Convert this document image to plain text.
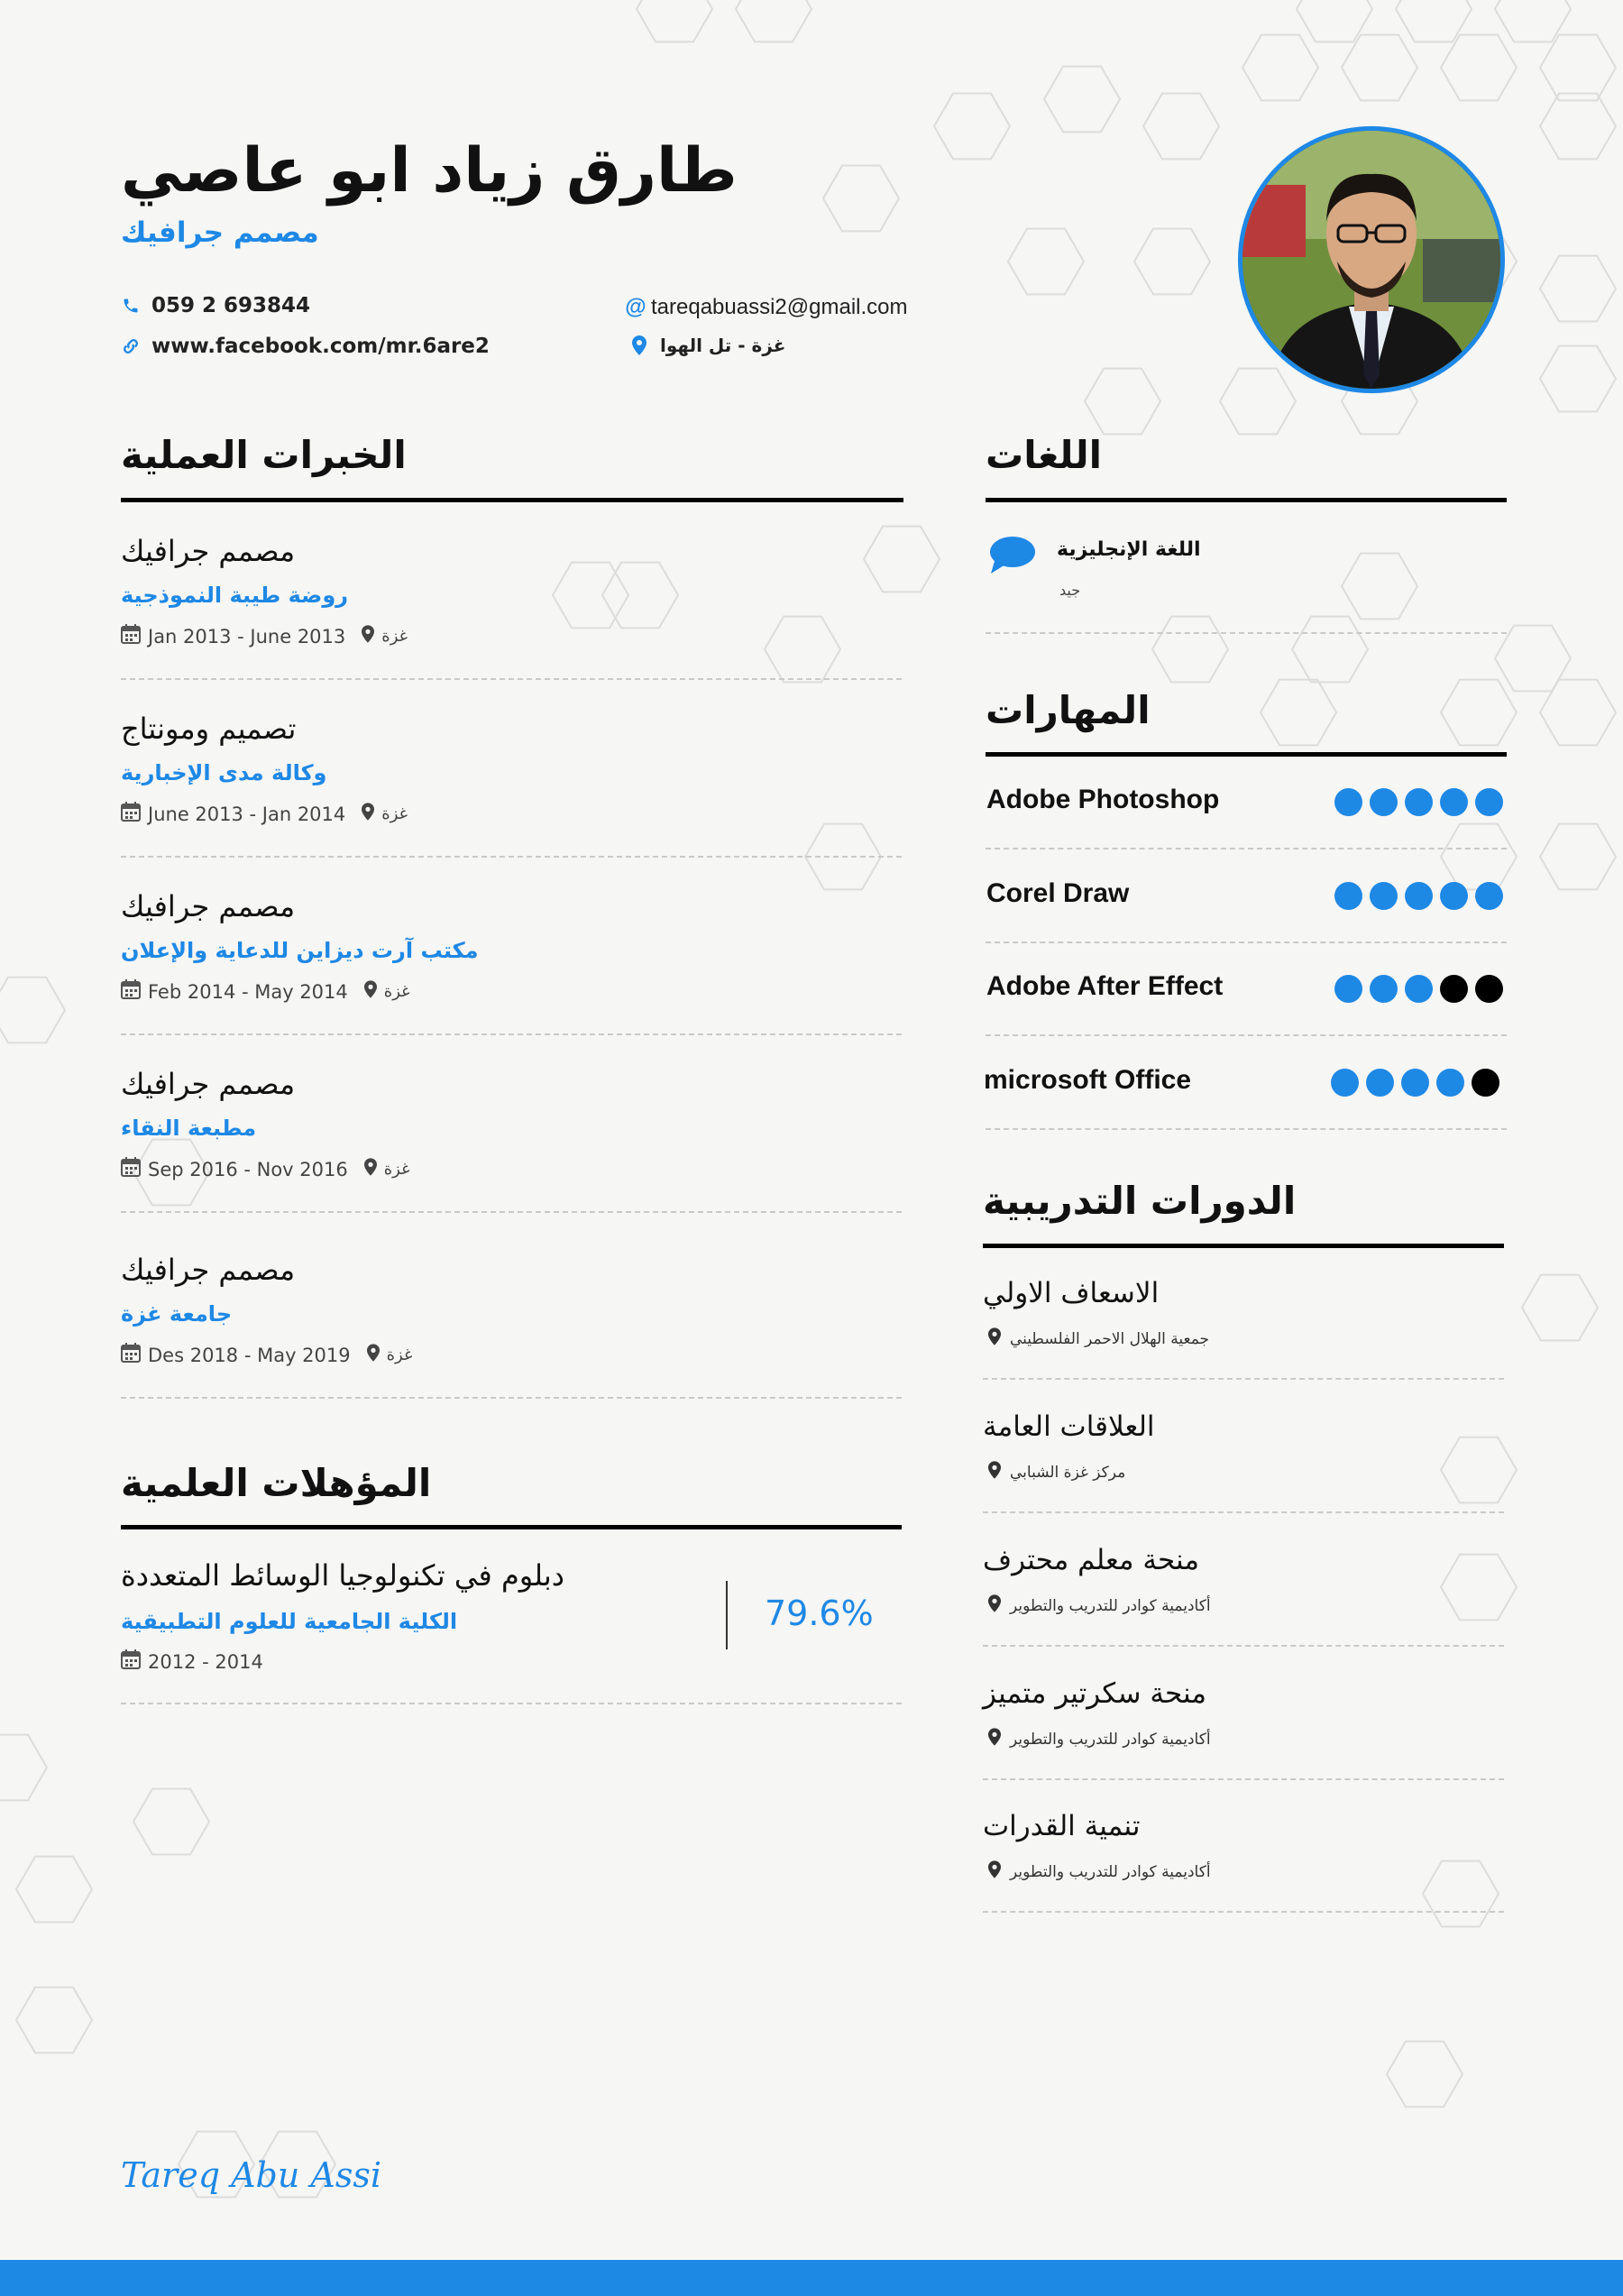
طارق زياد ابو عاصي
مصمم جرافيك
059 2 693844
www.facebook.com/mr.6are2
@ tareqabuassi2@gmail.com
غزة - تل الهوا
الخبرات العملية
مصمم جرافيك
روضة طيبة النموذجية
Jan 2013 - June 2013 غزة
تصميم ومونتاج
وكالة مدى الإخبارية
June 2013 - Jan 2014 غزة
مصمم جرافيك
مكتب آرت ديزاين للدعاية والإعلان
Feb 2014 - May 2014 غزة
مصمم جرافيك
مطبعة النقاء
Sep 2016 - Nov 2016 غزة
مصمم جرافيك
جامعة غزة
Des 2018 - May 2019 غزة
المؤهلات العلمية
دبلوم في تكنولوجيا الوسائط المتعددة
الكلية الجامعية للعلوم التطبيقية
2012 - 2014
79.6%
اللغات
اللغة الإنجليزية
جيد
المهارات
Adobe Photoshop
Corel Draw
Adobe After Effect
microsoft Office
الدورات التدريبية
الاسعاف الاولي
جمعية الهلال الاحمر الفلسطيني
العلاقات العامة
مركز غزة الشبابي
منحة معلم محترف
أكاديمية كوادر للتدريب والتطوير
منحة سكرتير متميز
أكاديمية كوادر للتدريب والتطوير
تنمية القدرات
أكاديمية كوادر للتدريب والتطوير
Tareq Abu Assi
